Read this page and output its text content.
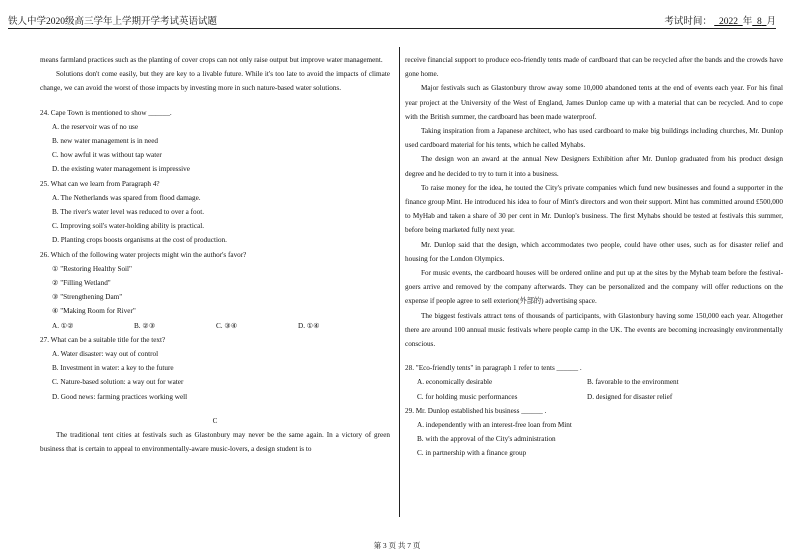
铁人中学2020级高三学年上学期开学考试英语试题	考试时间： 2022 年 8 月

means farmland practices such as the planting of cover crops can not only raise output but improve water management.

Solutions don't come easily, but they are key to a livable future. While it's too late to avoid the impacts of climate change, we can avoid the worst of those impacts by investing more in such nature-based water solutions.

24. Cape Town is mentioned to show ______.

A. the reservoir was of no use

B. new water management is in need

C. how awful it was without tap water

D. the existing water management is impressive

25. What can we learn from Paragraph 4?

A. The Netherlands was spared from flood damage.

B. The river's water level was reduced to over a foot.

C. Improving soil's water-holding ability is practical.

D. Planting crops boosts organisms at the cost of production.

26. Which of the following water projects might win the author's favor?

① "Restoring Healthy Soil"

② "Filling Wetland"

③ "Strengthening Dam"

④ "Making Room for River"

A. ①②	B. ②③	C. ③④	D. ①④

27. What can be a suitable title for the text?

A. Water disaster: way out of control

B. Investment in water: a key to the future

C. Nature-based solution: a way out for water

D. Good news: farming practices working well

C

The traditional tent cities at festivals such as Glastonbury may never be the same again. In a victory of green business that is certain to appeal to environmentally-aware music-lovers, a design student is to

receive financial support to produce eco-friendly tents made of cardboard that can be recycled after the bands and the crowds have gone home.

Major festivals such as Glastonbury throw away some 10,000 abandoned tents at the end of events each year. For his final year project at the University of the West of England, James Dunlop came up with a material that can be recycled. And to cope with the British summer, the cardboard has been made waterproof.

Taking inspiration from a Japanese architect, who has used cardboard to make big buildings including churches, Mr. Dunlop used cardboard material for his tents, which he called Myhabs.

The design won an award at the annual New Designers Exhibition after Mr. Dunlop graduated from his product design degree and he decided to try to turn it into a business.

To raise money for the idea, he touted the City's private companies which fund new businesses and found a supporter in the finance group Mint. He introduced his idea to four of Mint's directors and won their support. Mint has committed around £500,000 to MyHab and taken a share of 30 per cent in Mr. Dunlop's business. The first Myhabs should be tested at festivals this summer, before being marketed fully next year.

Mr. Dunlop said that the design, which accommodates two people, could have other uses, such as for disaster relief and housing for the London Olympics.

For music events, the cardboard houses will be ordered online and put up at the sites by the Myhab team before the festival-goers arrive and removed by the company afterwards. They can be personalized and the company will offer reductions on the expense if people agree to sell exterion(外部的) advertising space.

The biggest festivals attract tens of thousands of participants, with Glastonbury having some 150,000 each year. Altogether there are around 100 annual music festivals where people camp in the UK. The events are becoming increasingly environmentally conscious.

28. "Eco-friendly tents" in paragraph 1 refer to tents ______ .

A. economically desirable	B. favorable to the environment
C. for holding music performances	D. designed for disaster relief

29. Mr. Dunlop established his business ______ .

A. independently with an interest-free loan from Mint

B. with the approval of the City's administration

C. in partnership with a finance group

第 3 页 共 7 页
